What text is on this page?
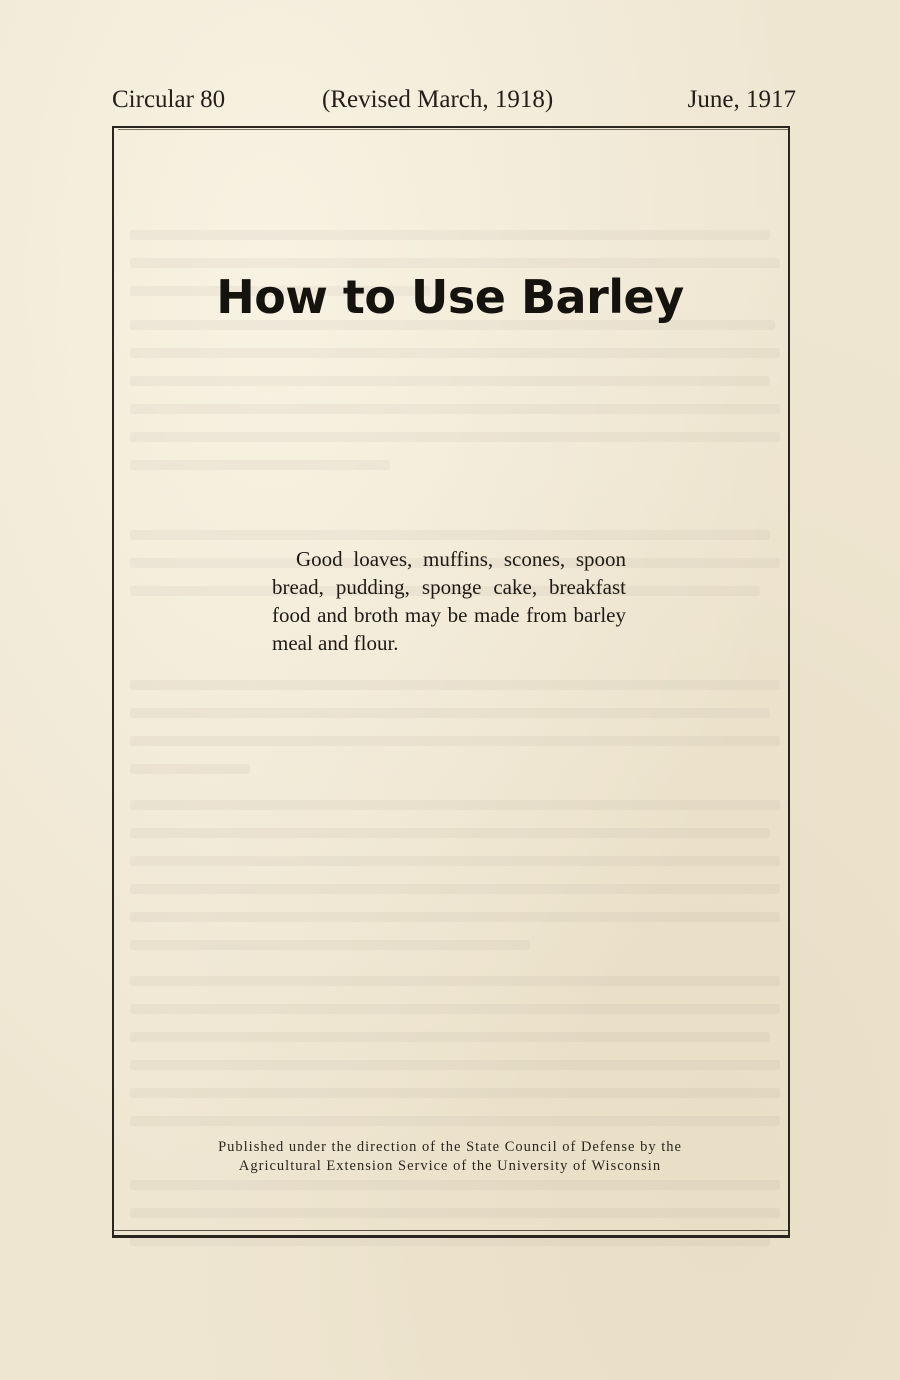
Circular 80	(Revised March, 1918)	June, 1917
How to Use Barley
Good loaves, muffins, scones, spoon bread, pudding, sponge cake, breakfast food and broth may be made from barley meal and flour.
Published under the direction of the State Council of Defense by the
Agricultural Extension Service of the University of Wisconsin
